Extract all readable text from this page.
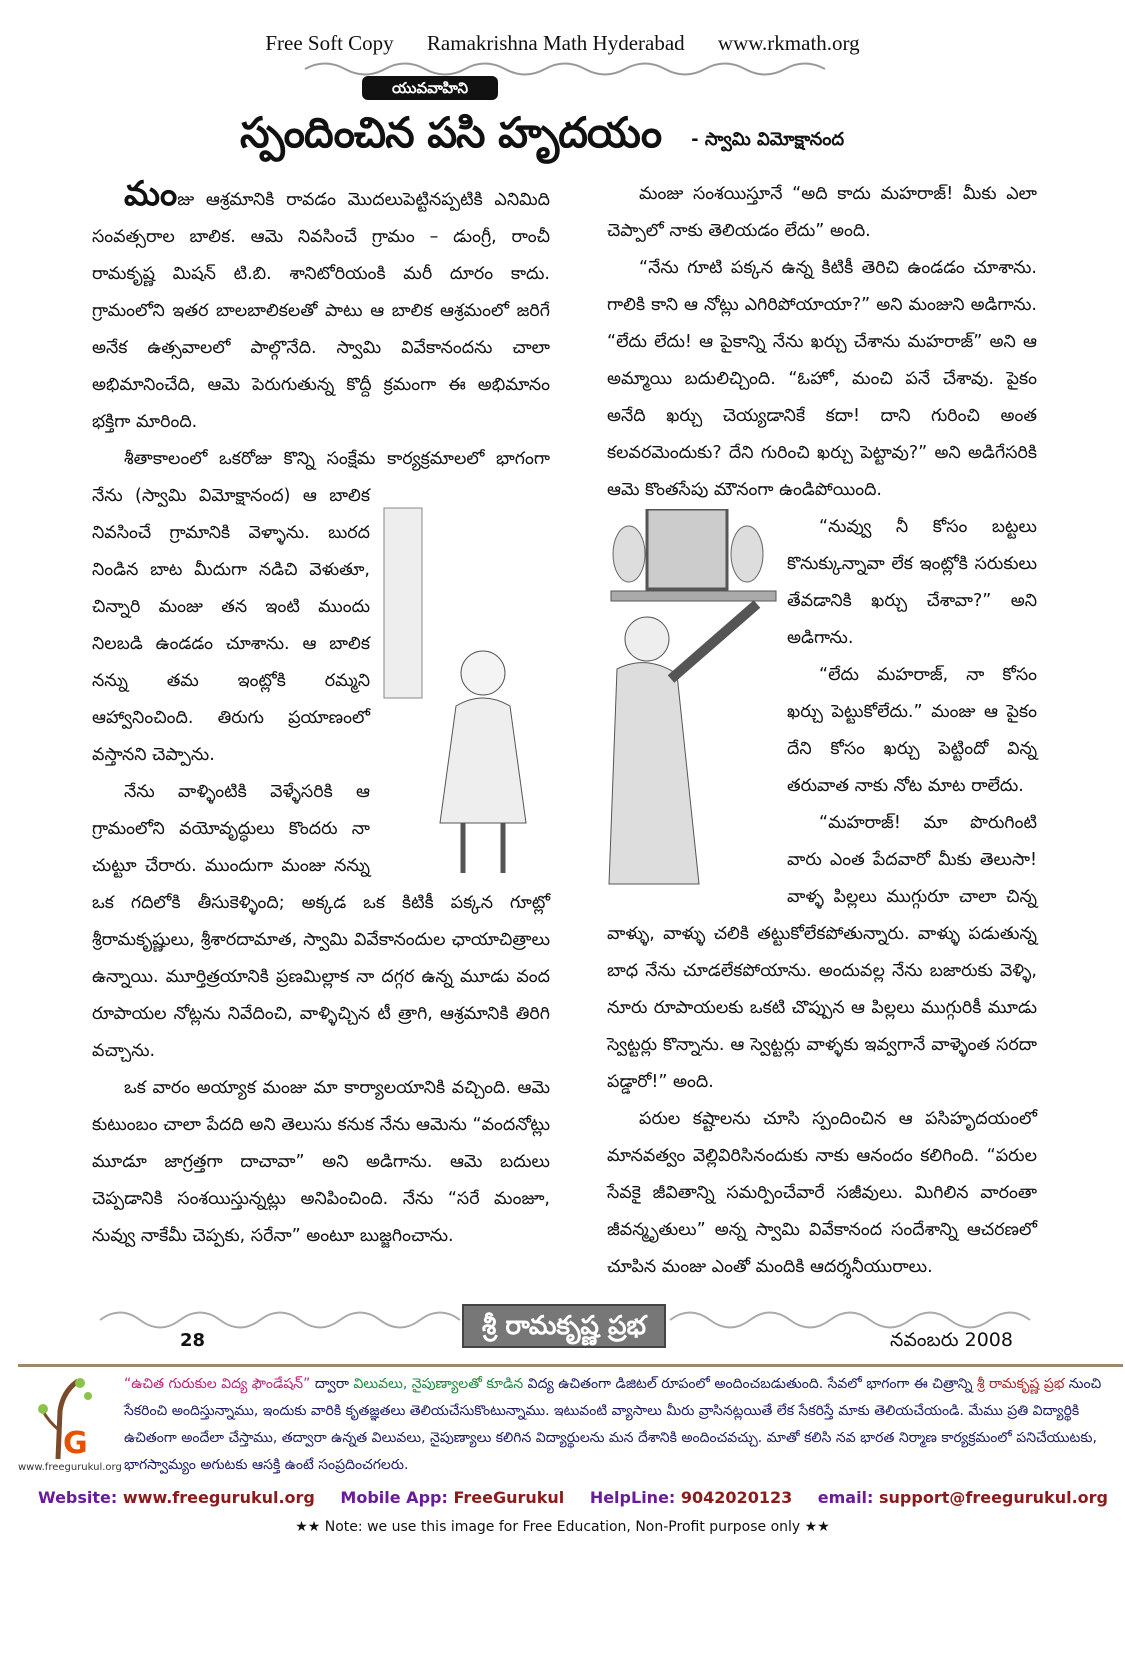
Free Soft Copy Ramakrishna Math Hyderabad www.rkmath.org
యువవాహిని
స్పందించిన పసి హృదయం - స్వామి విమోక్షానంద

మంజు ఆశ్రమానికి రావడం మొదలుపెట్టినప్పటికి ఎనిమిది సంవత్సరాల బాలిక. ఆమె నివసించే గ్రామం – డుంగ్రీ, రాంచీ రామకృష్ణ మిషన్ టి.బి. శానిటోరియంకి మరీ దూరం కాదు. గ్రామంలోని ఇతర బాలబాలికలతో పాటు ఆ బాలిక ఆశ్రమంలో జరిగే అనేక ఉత్సవాలలో పాల్గొనేది. స్వామి వివేకానందను చాలా అభిమానించేది, ఆమె పెరుగుతున్న కొద్దీ క్రమంగా ఈ అభిమానం భక్తిగా మారింది.

శీతాకాలంలో ఒకరోజు కొన్ని సంక్షేమ కార్యక్రమాలలో భాగంగా నేను (స్వామి విమోక్షానంద) ఆ బాలిక నివసించే గ్రామానికి వెళ్ళాను. బురద నిండిన బాట మీదుగా నడిచి వెళుతూ, చిన్నారి మంజు తన ఇంటి ముందు నిలబడి ఉండడం చూశాను. ఆ బాలిక నన్ను తమ ఇంట్లోకి రమ్మని ఆహ్వానించింది. తిరుగు ప్రయాణంలో వస్తానని చెప్పాను.

నేను వాళ్ళింటికి వెళ్ళేసరికి ఆ గ్రామంలోని వయోవృద్ధులు కొందరు నా చుట్టూ చేరారు. ముందుగా మంజు నన్ను ఒక గదిలోకి తీసుకెళ్ళింది; అక్కడ ఒక కిటికీ పక్కన గూట్లో శ్రీరామకృష్ణులు, శ్రీశారదామాత, స్వామి వివేకానందుల ఛాయాచిత్రాలు ఉన్నాయి. మూర్తిత్రయానికి ప్రణమిల్లాక నా దగ్గర ఉన్న మూడు వంద రూపాయల నోట్లను నివేదించి, వాళ్ళిచ్చిన టీ త్రాగి, ఆశ్రమానికి తిరిగి వచ్చాను.

ఒక వారం అయ్యాక మంజు మా కార్యాలయానికి వచ్చింది. ఆమె కుటుంబం చాలా పేదది అని తెలుసు కనుక నేను ఆమెను “వందనోట్లు మూడూ జాగ్రత్తగా దాచావా” అని అడిగాను. ఆమె బదులు చెప్పడానికి సంశయిస్తున్నట్లు అనిపించింది. నేను “సరే మంజూ, నువ్వు నాకేమీ చెప్పకు, సరేనా” అంటూ బుజ్జగించాను.

మంజు సంశయిస్తూనే “అది కాదు మహరాజ్! మీకు ఎలా చెప్పాలో నాకు తెలియడం లేదు” అంది.

“నేను గూటి పక్కన ఉన్న కిటికీ తెరిచి ఉండడం చూశాను. గాలికి కాని ఆ నోట్లు ఎగిరిపోయాయా?” అని మంజుని అడిగాను. “లేదు లేదు! ఆ పైకాన్ని నేను ఖర్చు చేశాను మహరాజ్” అని ఆ అమ్మాయి బదులిచ్చింది. “ఓహో, మంచి పనే చేశావు. పైకం అనేది ఖర్చు చెయ్యడానికే కదా! దాని గురించి అంత కలవరమెందుకు? దేని గురించి ఖర్చు పెట్టావు?” అని అడిగేసరికి ఆమె కొంతసేపు మౌనంగా ఉండిపోయింది.

“నువ్వు నీ కోసం బట్టలు కొనుక్కున్నావా లేక ఇంట్లోకి సరుకులు తేవడానికి ఖర్చు చేశావా?” అని అడిగాను.

“లేదు మహరాజ్, నా కోసం ఖర్చు పెట్టుకోలేదు.” మంజు ఆ పైకం దేని కోసం ఖర్చు పెట్టిందో విన్న తరువాత నాకు నోట మాట రాలేదు.

“మహరాజ్! మా పొరుగింటి వారు ఎంత పేదవారో మీకు తెలుసా! వాళ్ళ పిల్లలు ముగ్గురూ చాలా చిన్న వాళ్ళు, వాళ్ళు చలికి తట్టుకోలేకపోతున్నారు. వాళ్ళు పడుతున్న బాధ నేను చూడలేకపోయాను. అందువల్ల నేను బజారుకు వెళ్ళి, నూరు రూపాయలకు ఒకటి చొప్పున ఆ పిల్లలు ముగ్గురికీ మూడు స్వెట్టర్లు కొన్నాను. ఆ స్వెట్టర్లు వాళ్ళకు ఇవ్వగానే వాళ్ళెంత సరదా పడ్డారో!” అంది.

పరుల కష్టాలను చూసి స్పందించిన ఆ పసిహృదయంలో మానవత్వం వెల్లివిరిసినందుకు నాకు ఆనందం కలిగింది. “పరుల సేవకై జీవితాన్ని సమర్పించేవారే సజీవులు. మిగిలిన వారంతా జీవన్మృతులు” అన్న స్వామి వివేకానంద సందేశాన్ని ఆచరణలో చూపిన మంజు ఎంతో మందికి ఆదర్శనీయురాలు.

28	శ్రీ రామకృష్ణ ప్రభ	నవంబరు 2008
G
www.freegurukul.org
“ఉచిత గురుకుల విద్య ఫౌండేషన్” ద్వారా విలువలు, నైపుణ్యాలతో కూడిన విద్య ఉచితంగా డిజిటల్ రూపంలో అందించబడుతుంది. సేవలో భాగంగా ఈ చిత్రాన్ని శ్రీ రామకృష్ణ ప్రభ నుంచి సేకరించి అందిస్తున్నాము, ఇందుకు వారికి కృతజ్ఞతలు తెలియచేసుకొంటున్నాము. ఇటువంటి వ్యాసాలు మీరు వ్రాసినట్లయితే లేక సేకరిస్తే మాకు తెలియచేయండి. మేము ప్రతి విద్యార్థికి ఉచితంగా అందేలా చేస్తాము, తద్వారా ఉన్నత విలువలు, నైపుణ్యాలు కలిగిన విద్యార్థులను మన దేశానికి అందించవచ్చు. మాతో కలిసి నవ భారత నిర్మాణ కార్యక్రమంలో పనిచేయుటకు, భాగస్వామ్యం అగుటకు ఆసక్తి ఉంటే సంప్రదించగలరు.
Website: www.freegurukul.org Mobile App: FreeGurukul HelpLine: 9042020123 email: support@freegurukul.org
★★ Note: we use this image for Free Education, Non-Profit purpose only ★★
